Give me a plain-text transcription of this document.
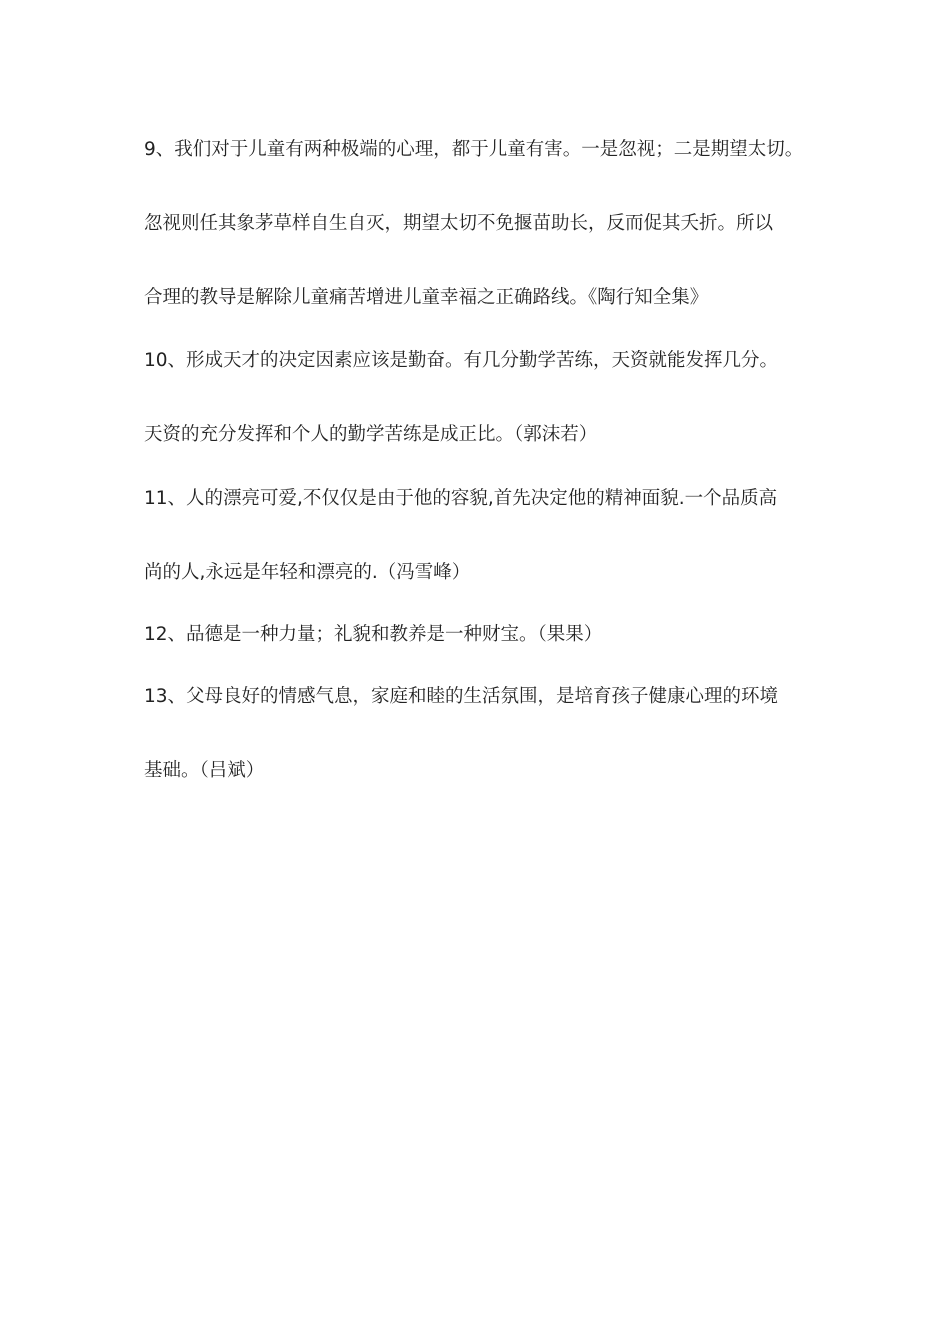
9、我们对于儿童有两种极端的心理，都于儿童有害。一是忽视；二是期望太切。
忽视则任其象茅草样自生自灭，期望太切不免揠苗助长，反而促其夭折。所以
合理的教导是解除儿童痛苦增进儿童幸福之正确路线。《陶行知全集》
10、形成天才的决定因素应该是勤奋。有几分勤学苦练，天资就能发挥几分。
天资的充分发挥和个人的勤学苦练是成正比。（郭沫若）
11、人的漂亮可爱,不仅仅是由于他的容貌,首先决定他的精神面貌.一个品质高
尚的人,永远是年轻和漂亮的.（冯雪峰）
12、品德是一种力量；礼貌和教养是一种财宝。（果果）
13、父母良好的情感气息，家庭和睦的生活氛围，是培育孩子健康心理的环境
基础。（吕斌）
